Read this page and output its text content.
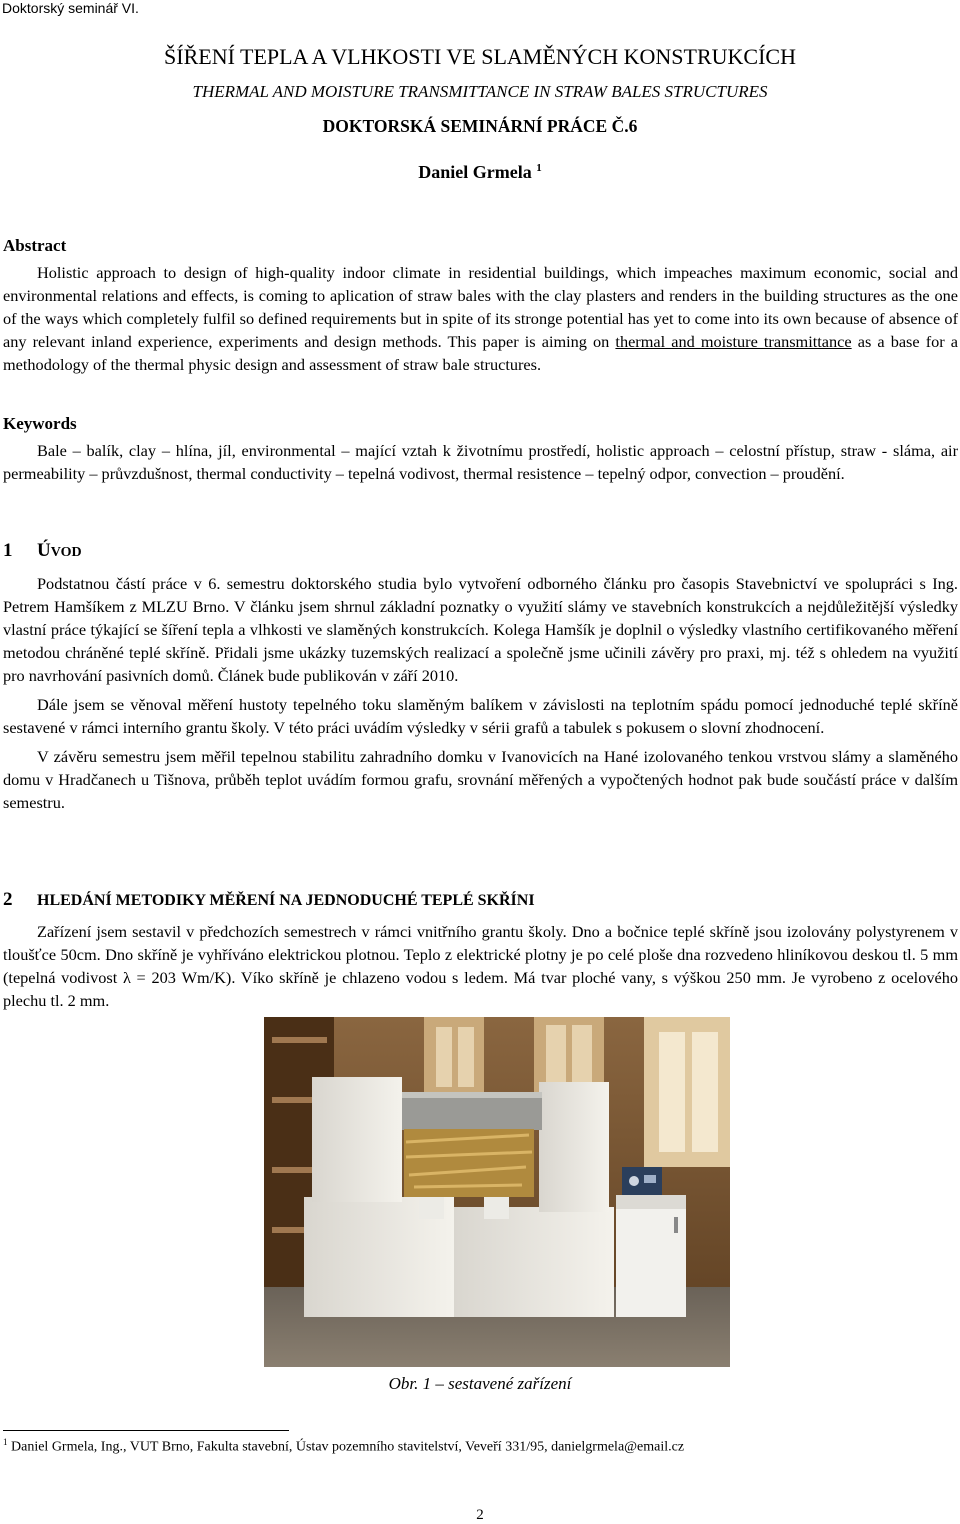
Doktorský seminář VI.
ŠÍŘENÍ TEPLA A VLHKOSTI VE SLAMĚNÝCH KONSTRUKCÍCH
THERMAL AND MOISTURE TRANSMITTANCE IN STRAW BALES STRUCTURES
DOKTORSKÁ SEMINÁRNÍ PRÁCE Č.6
Daniel Grmela $^1$
Abstract
Holistic approach to design of high-quality indoor climate in residential buildings, which impeaches maximum economic, social and environmental relations and effects, is coming to aplication of straw bales with the clay plasters and renders in the building structures as the one of the ways which completely fulfil so defined requirements but in spite of its stronge potential has yet to come into its own because of absence of any relevant inland experience, experiments and design methods. This paper is aiming on thermal and moisture transmittance as a base for a methodology of the thermal physic design and assessment of straw bale structures.
Keywords
Bale – balík, clay – hlína, jíl, environmental – mající vztah k životnímu prostředí, holistic approach – celostní přístup, straw - sláma, air permeability – průvzdušnost, thermal conductivity – tepelná vodivost, thermal resistence – tepelný odpor, convection – proudění.
1 ÚVOD
Podstatnou částí práce v 6. semestru doktorského studia bylo vytvoření odborného článku pro časopis Stavebnictví ve spolupráci s Ing. Petrem Hamšíkem z MLZU Brno. V článku jsem shrnul základní poznatky o využití slámy ve stavebních konstrukcích a nejdůležitější výsledky vlastní práce týkající se šíření tepla a vlhkosti ve slaměných konstrukcích. Kolega Hamšík je doplnil o výsledky vlastního certifikovaného měření metodou chráněné teplé skříně. Přidali jsme ukázky tuzemských realizací a společně jsme učinili závěry pro praxi, mj. též s ohledem na využití pro navrhování pasivních domů. Článek bude publikován v září 2010.
Dále jsem se věnoval měření hustoty tepelného toku slaměným balíkem v závislosti na teplotním spádu pomocí jednoduché teplé skříně sestavené v rámci interního grantu školy. V této práci uvádím výsledky v sérii grafů a tabulek s pokusem o slovní zhodnocení.
V závěru semestru jsem měřil tepelnou stabilitu zahradního domku v Ivanovicích na Hané izolovaného tenkou vrstvou slámy a slaměného domu v Hradčanech u Tišnova, průběh teplot uvádím formou grafu, srovnání měřených a vypočtených hodnot pak bude součástí práce v dalším semestru.
2 HLEDÁNÍ METODIKY MĚŘENÍ NA JEDNODUCHÉ TEPLÉ SKŘÍNI
Zařízení jsem sestavil v předchozích semestrech v rámci vnitřního grantu školy. Dno a bočnice teplé skříně jsou izolovány polystyrenem v tloušťce 50cm. Dno skříně je vyhříváno elektrickou plotnou. Teplo z elektrické plotny je po celé ploše dna rozvedeno hliníkovou deskou tl. 5 mm (tepelná vodivost λ = 203 Wm/K). Víko skříně je chlazeno vodou s ledem. Má tvar ploché vany, s výškou 250 mm. Je vyrobeno z ocelového plechu tl. 2 mm.
Obr. 1 – sestavené zařízení
$^1$ Daniel Grmela, Ing., VUT Brno, Fakulta stavební, Ústav pozemního stavitelství, Veveří 331/95, danielgrmela@email.cz
2
